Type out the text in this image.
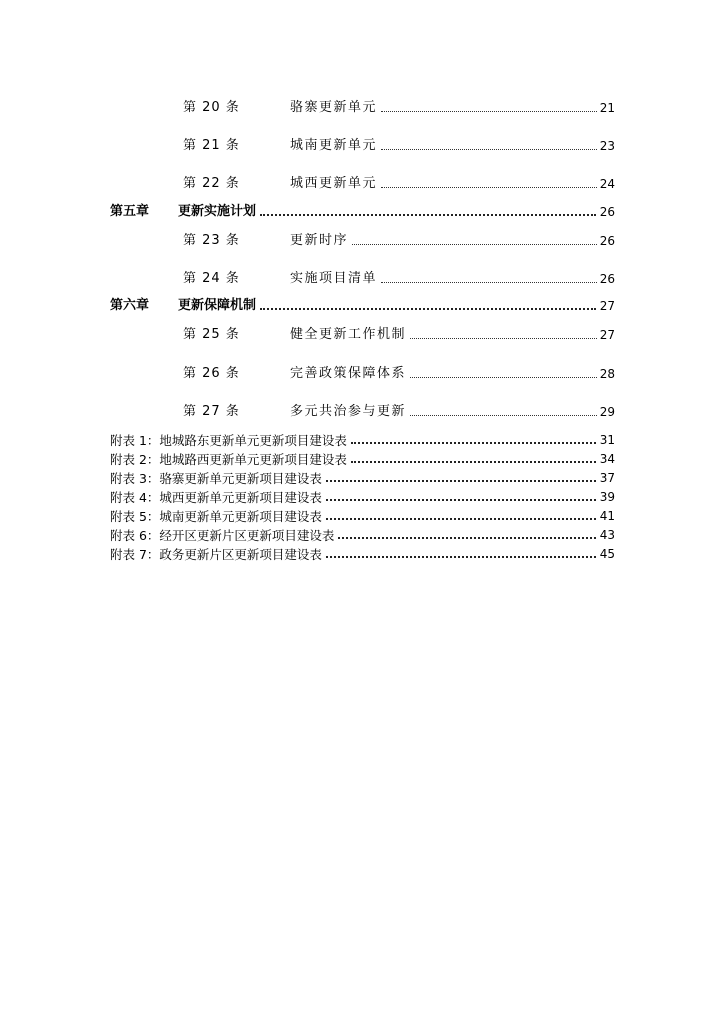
第 20 条	骆寨更新单元	21
第 21 条	城南更新单元	23
第 22 条	城西更新单元	24
第五章	更新实施计划	26
第 23 条	更新时序	26
第 24 条	实施项目清单	26
第六章	更新保障机制	27
第 25 条	健全更新工作机制	27
第 26 条	完善政策保障体系	28
第 27 条	多元共治参与更新	29
附表 1：地城路东更新单元更新项目建设表	31
附表 2：地城路西更新单元更新项目建设表	34
附表 3：骆寨更新单元更新项目建设表	37
附表 4：城西更新单元更新项目建设表	39
附表 5：城南更新单元更新项目建设表	41
附表 6：经开区更新片区更新项目建设表	43
附表 7：政务更新片区更新项目建设表	45
